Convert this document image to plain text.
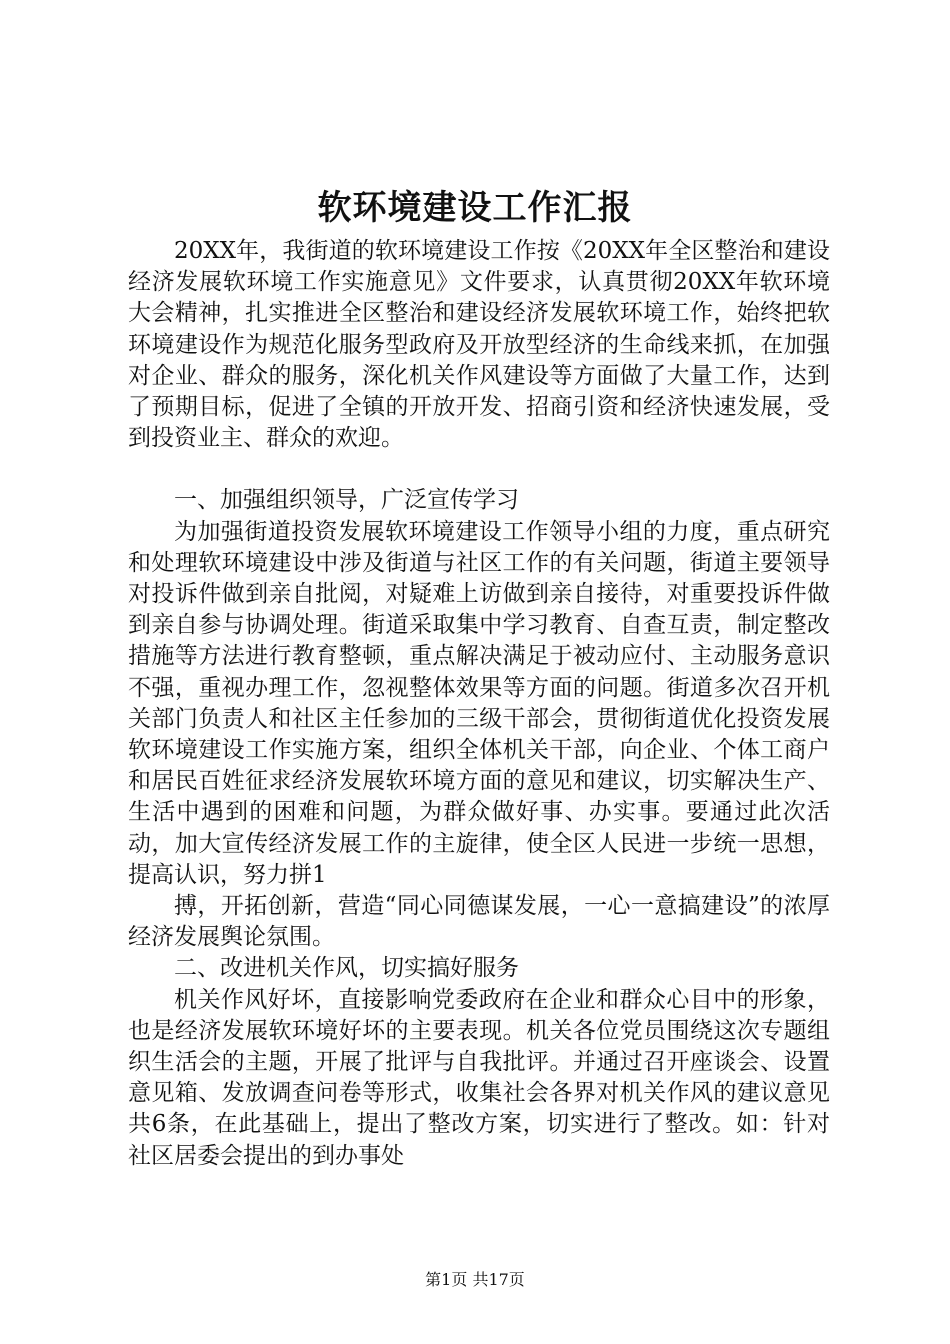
软环境建设工作汇报

20XX年，我街道的软环境建设工作按《20XX年全区整治和建设经济发展软环境工作实施意见》文件要求，认真贯彻20XX年软环境大会精神，扎实推进全区整治和建设经济发展软环境工作，始终把软环境建设作为规范化服务型政府及开放型经济的生命线来抓，在加强对企业、群众的服务，深化机关作风建设等方面做了大量工作，达到了预期目标，促进了全镇的开放开发、招商引资和经济快速发展，受到投资业主、群众的欢迎。

一、加强组织领导，广泛宣传学习

为加强街道投资发展软环境建设工作领导小组的力度，重点研究和处理软环境建设中涉及街道与社区工作的有关问题，街道主要领导对投诉件做到亲自批阅，对疑难上访做到亲自接待，对重要投诉件做到亲自参与协调处理。街道采取集中学习教育、自查互责，制定整改措施等方法进行教育整顿，重点解决满足于被动应付、主动服务意识不强，重视办理工作，忽视整体效果等方面的问题。街道多次召开机关部门负责人和社区主任参加的三级干部会，贯彻街道优化投资发展软环境建设工作实施方案，组织全体机关干部，向企业、个体工商户和居民百姓征求经济发展软环境方面的意见和建议，切实解决生产、生活中遇到的困难和问题，为群众做好事、办实事。要通过此次活动，加大宣传经济发展工作的主旋律，使全区人民进一步统一思想，提高认识，努力拼1

搏，开拓创新，营造“同心同德谋发展，一心一意搞建设”的浓厚经济发展舆论氛围。

二、改进机关作风，切实搞好服务

机关作风好坏，直接影响党委政府在企业和群众心目中的形象，也是经济发展软环境好坏的主要表现。机关各位党员围绕这次专题组织生活会的主题，开展了批评与自我批评。并通过召开座谈会、设置意见箱、发放调查问卷等形式，收集社会各界对机关作风的建议意见共6条，在此基础上，提出了整改方案，切实进行了整改。如：针对社区居委会提出的到办事处

第1页 共17页
